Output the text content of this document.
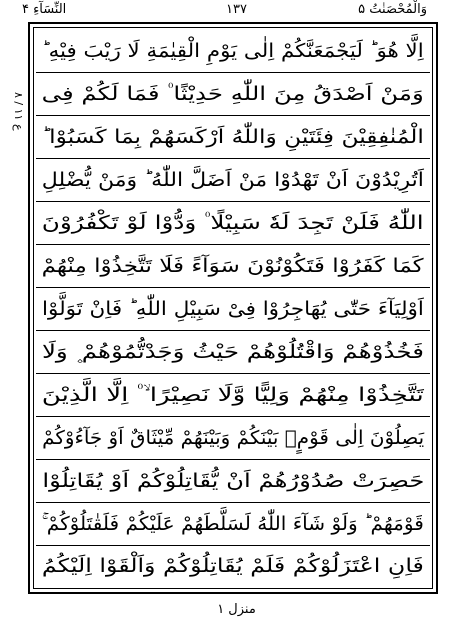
وَالْمُحْصَنٰتُ ۵
١٣٧
النِّسَآءِ ۴
ع ۱۱ / ۸
اِلَّا هُوَ ؕ لَيَجْمَعَنَّكُمْ اِلٰى يَوْمِ الْقِيٰمَةِ لَا رَيْبَ فِيْهِ ؕ
وَمَنْ اَصْدَقُ مِنَ اللّٰهِ حَدِيْثًا ۠ فَمَا لَكُمْ فِى
الْمُنٰفِقِيْنَ فِئَتَيْنِ وَاللّٰهُ اَرْكَسَهُمْ بِمَا كَسَبُوْا ؕ
اَتُرِيْدُوْنَ اَنْ تَهْدُوْا مَنْ اَضَلَّ اللّٰهُ ؕ وَمَنْ يُّضْلِلِ
اللّٰهُ فَلَنْ تَجِدَ لَهٗ سَبِيْلًا ۠ وَدُّوْا لَوْ تَكْفُرُوْنَ
كَمَا كَفَرُوْا فَتَكُوْنُوْنَ سَوَآءً فَلَا تَتَّخِذُوْا مِنْهُمْ
اَوْلِيَآءَ حَتّٰى يُهَاجِرُوْا فِىْ سَبِيْلِ اللّٰهِ ؕ فَاِنْ تَوَلَّوْا
فَخُذُوْهُمْ وَاقْتُلُوْهُمْ حَيْثُ وَجَدْتُّمُوْهُمْ ۪ وَلَا
تَتَّخِذُوْا مِنْهُمْ وَلِيًّا وَّلَا نَصِيْرًا ۙ ۠ اِلَّا الَّذِيْنَ
يَصِلُوْنَ اِلٰى قَوْمٍۢ بَيْنَكُمْ وَبَيْنَهُمْ مِّيْثَاقٌ اَوْ جَآءُوْكُمْ
حَصِرَتْ صُدُوْرُهُمْ اَنْ يُّقَاتِلُوْكُمْ اَوْ يُقَاتِلُوْا
قَوْمَهُمْ ؕ وَلَوْ شَآءَ اللّٰهُ لَسَلَّطَهُمْ عَلَيْكُمْ فَلَقٰتَلُوْكُمْ ۚ
فَاِنِ اعْتَزَلُوْكُمْ فَلَمْ يُقَاتِلُوْكُمْ وَاَلْقَوْا اِلَيْكُمُ
منزل ۱
